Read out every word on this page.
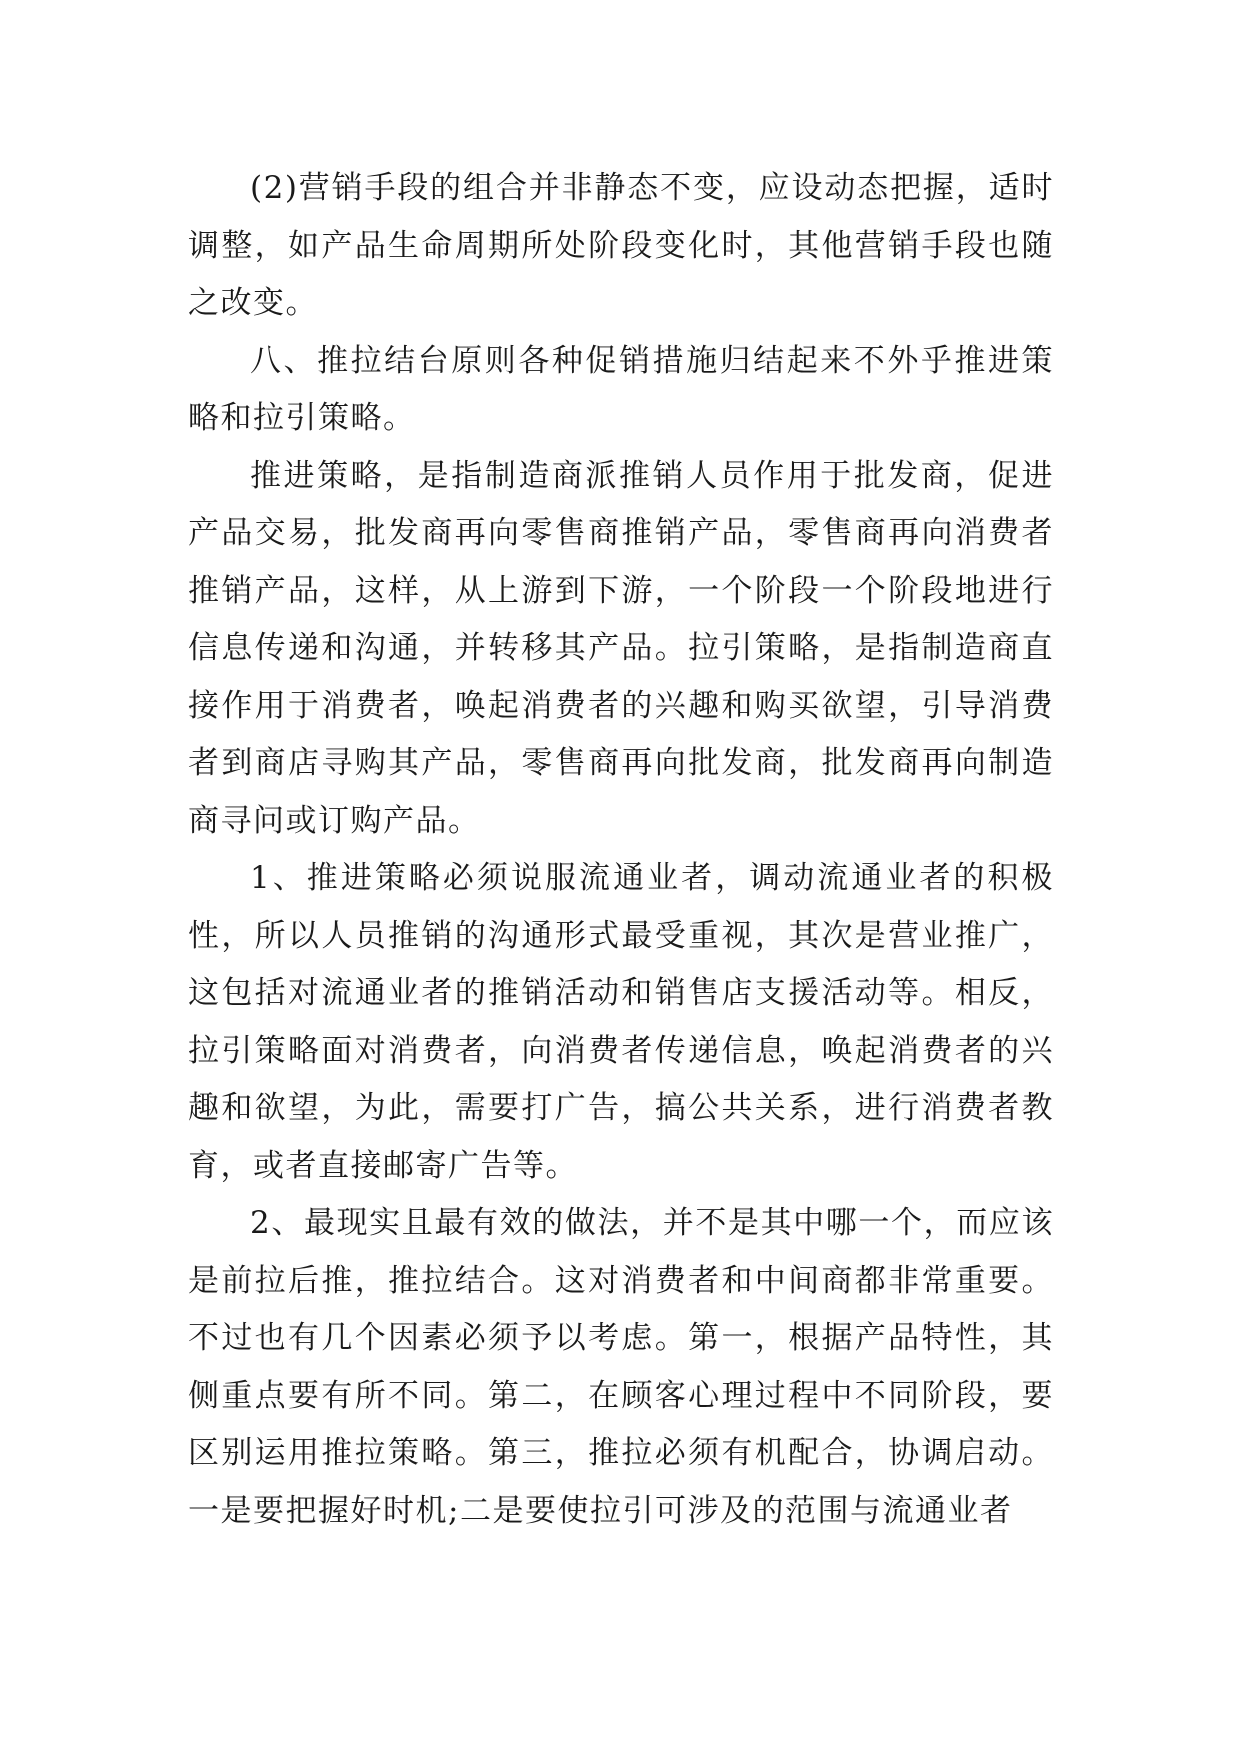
(2)营销手段的组合并非静态不变，应设动态把握，适时调整，如产品生命周期所处阶段变化时，其他营销手段也随之改变。

八、推拉结台原则各种促销措施归结起来不外乎推进策略和拉引策略。

推进策略，是指制造商派推销人员作用于批发商，促进产品交易，批发商再向零售商推销产品，零售商再向消费者推销产品，这样，从上游到下游，一个阶段一个阶段地进行信息传递和沟通，并转移其产品。拉引策略，是指制造商直接作用于消费者，唤起消费者的兴趣和购买欲望，引导消费者到商店寻购其产品，零售商再向批发商，批发商再向制造商寻问或订购产品。

1、推进策略必须说服流通业者，调动流通业者的积极性，所以人员推销的沟通形式最受重视，其次是营业推广，这包括对流通业者的推销活动和销售店支援活动等。相反，拉引策略面对消费者，向消费者传递信息，唤起消费者的兴趣和欲望，为此，需要打广告，搞公共关系，进行消费者教育，或者直接邮寄广告等。

2、最现实且最有效的做法，并不是其中哪一个，而应该是前拉后推，推拉结合。这对消费者和中间商都非常重要。不过也有几个因素必须予以考虑。第一，根据产品特性，其侧重点要有所不同。第二，在顾客心理过程中不同阶段，要区别运用推拉策略。第三，推拉必须有机配合，协调启动。一是要把握好时机;二是要使拉引可涉及的范围与流通业者
